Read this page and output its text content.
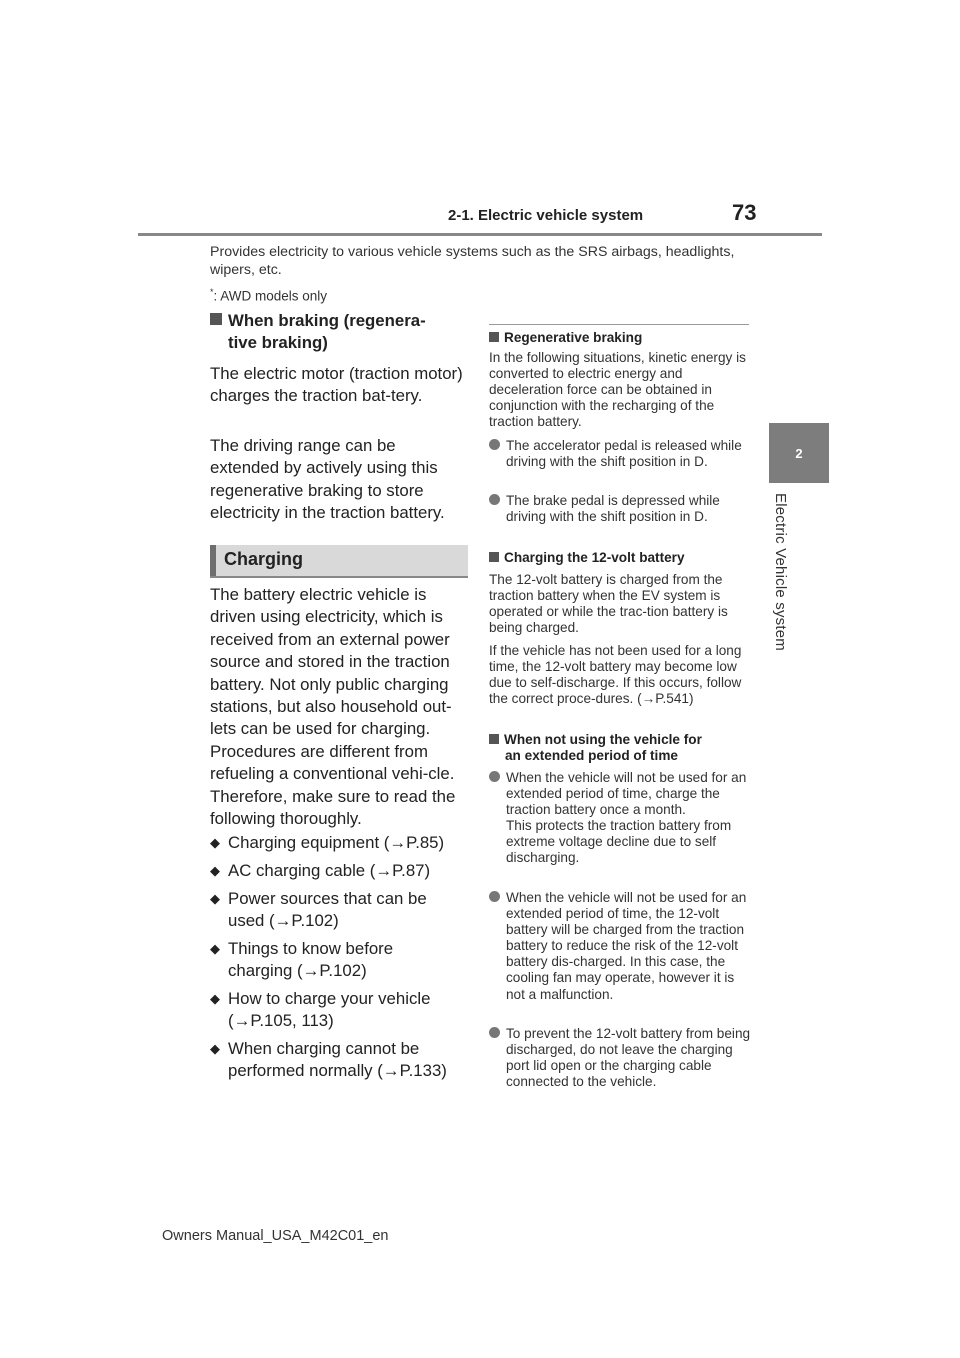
2-1. Electric vehicle system	73
2
Electric Vehicle system
Provides electricity to various vehicle systems such as the SRS airbags, headlights, wipers, etc.
*: AWD models only
When braking (regenera-
tive braking)
The electric motor (traction motor) charges the traction bat-tery.
The driving range can be extended by actively using this regenerative braking to store electricity in the traction battery.
Charging
The battery electric vehicle is driven using electricity, which is received from an external power source and stored in the traction battery. Not only public charging stations, but also household out-lets can be used for charging. Procedures are different from refueling a conventional vehi-cle. Therefore, make sure to read the following thoroughly.
◆ Charging equipment (→P.85)
◆ AC charging cable (→P.87)
◆ Power sources that can be
used (→P.102)
◆ Things to know before
charging (→P.102)
◆ How to charge your vehicle
(→P.105, 113)
◆ When charging cannot be
performed normally (→P.133)
Regenerative braking
In the following situations, kinetic energy is converted to electric energy and deceleration force can be obtained in conjunction with the recharging of the traction battery.
The accelerator pedal is released while driving with the shift position in D.
The brake pedal is depressed while driving with the shift position in D.
Charging the 12-volt battery
The 12-volt battery is charged from the traction battery when the EV system is operated or while the trac-tion battery is being charged.
If the vehicle has not been used for a long time, the 12-volt battery may become low due to self-discharge. If this occurs, follow the correct proce-dures. (→P.541)
When not using the vehicle for
an extended period of time
When the vehicle will not be used for an extended period of time, charge the traction battery once a month.
This protects the traction battery from extreme voltage decline due to self discharging.
When the vehicle will not be used for an extended period of time, the 12-volt battery will be charged from the traction battery to reduce the risk of the 12-volt battery dis-charged. In this case, the cooling fan may operate, however it is not a malfunction.
To prevent the 12-volt battery from being discharged, do not leave the charging port lid open or the charging cable connected to the vehicle.
Owners Manual_USA_M42C01_en
